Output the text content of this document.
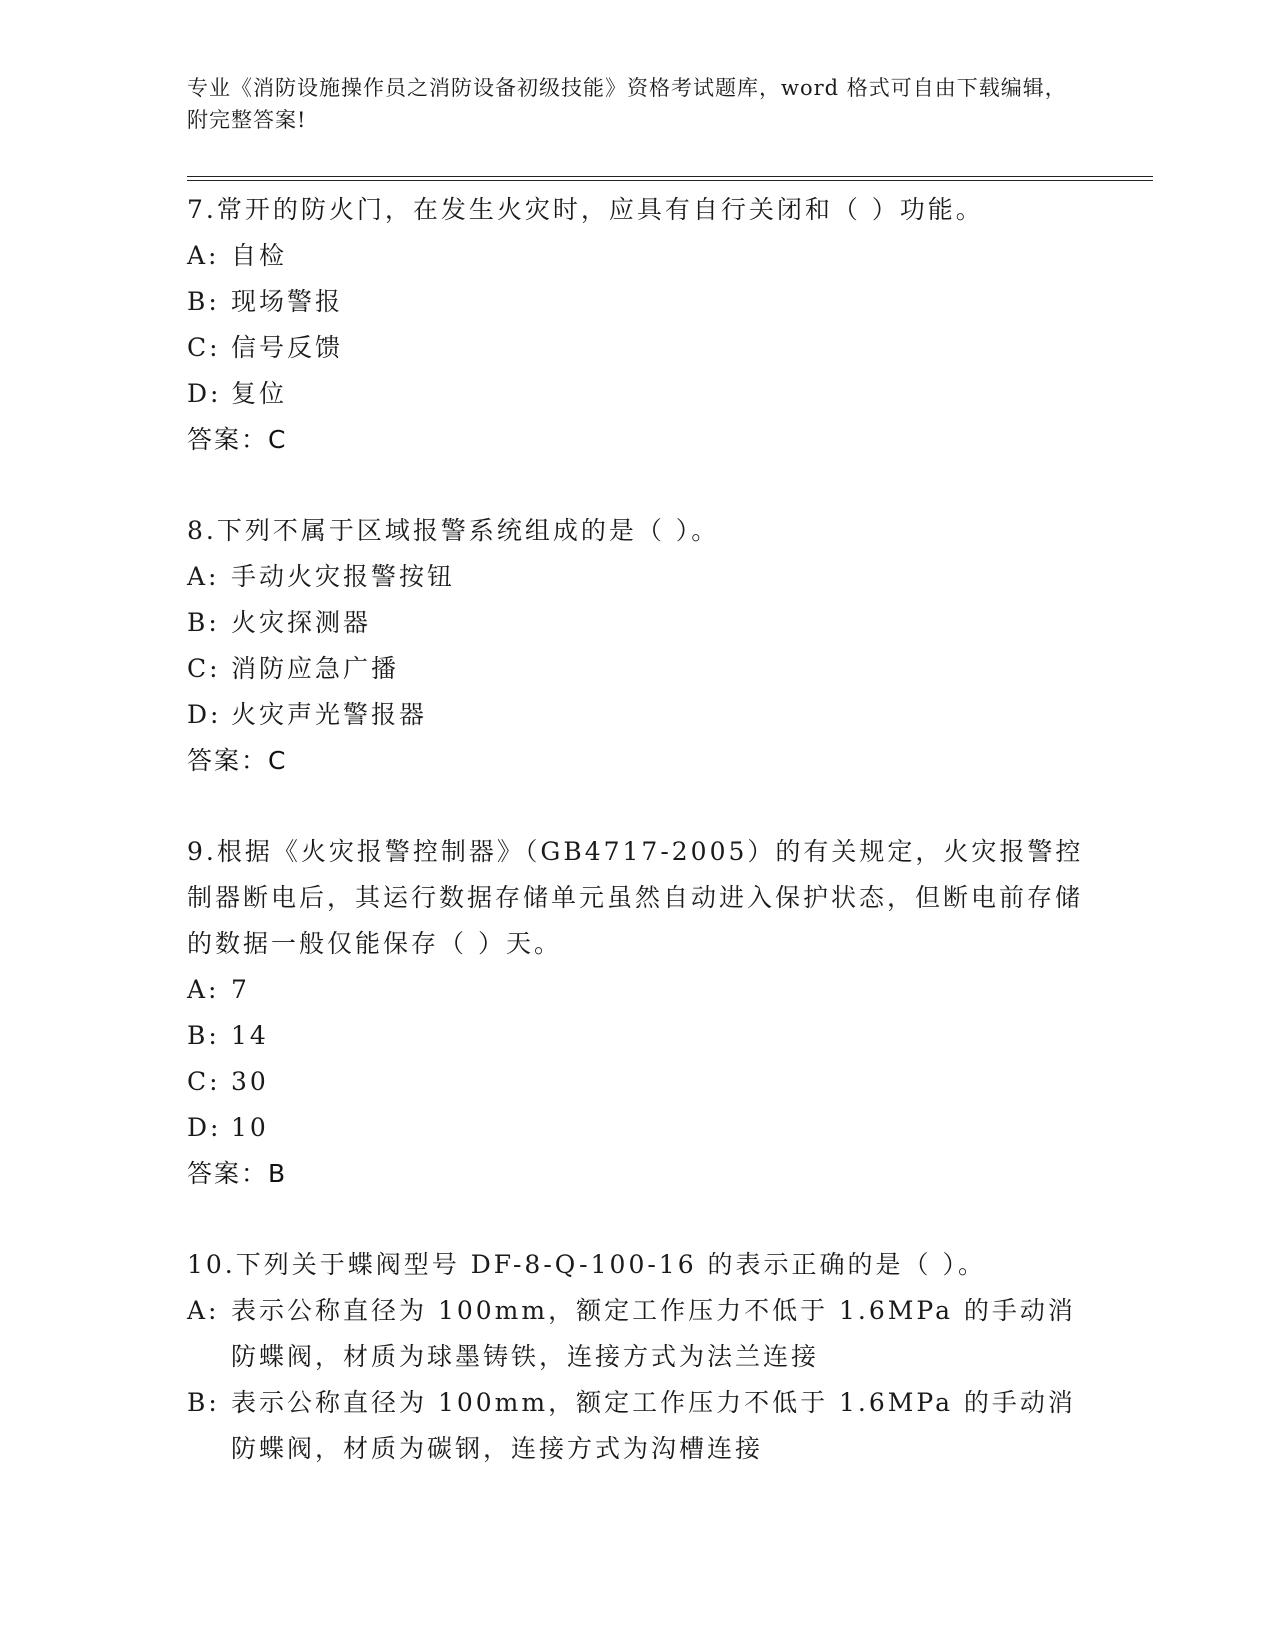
专业《消防设施操作员之消防设备初级技能》资格考试题库，word 格式可自由下载编辑，附完整答案!
7.常开的防火门，在发生火灾时，应具有自行关闭和（ ）功能。
A: 自检
B: 现场警报
C: 信号反馈
D: 复位
答案：C
8.下列不属于区域报警系统组成的是（ ）。
A: 手动火灾报警按钮
B: 火灾探测器
C: 消防应急广播
D: 火灾声光警报器
答案：C
9.根据《火灾报警控制器》（GB4717-2005）的有关规定，火灾报警控制器断电后，其运行数据存储单元虽然自动进入保护状态，但断电前存储的数据一般仅能保存（ ）天。
A: 7
B: 14
C: 30
D: 10
答案：B
10.下列关于蝶阀型号 DF-8-Q-100-16 的表示正确的是（ ）。
A: 表示公称直径为 100mm，额定工作压力不低于 1.6MPa 的手动消防蝶阀，材质为球墨铸铁，连接方式为法兰连接
B: 表示公称直径为 100mm，额定工作压力不低于 1.6MPa 的手动消防蝶阀，材质为碳钢，连接方式为沟槽连接
